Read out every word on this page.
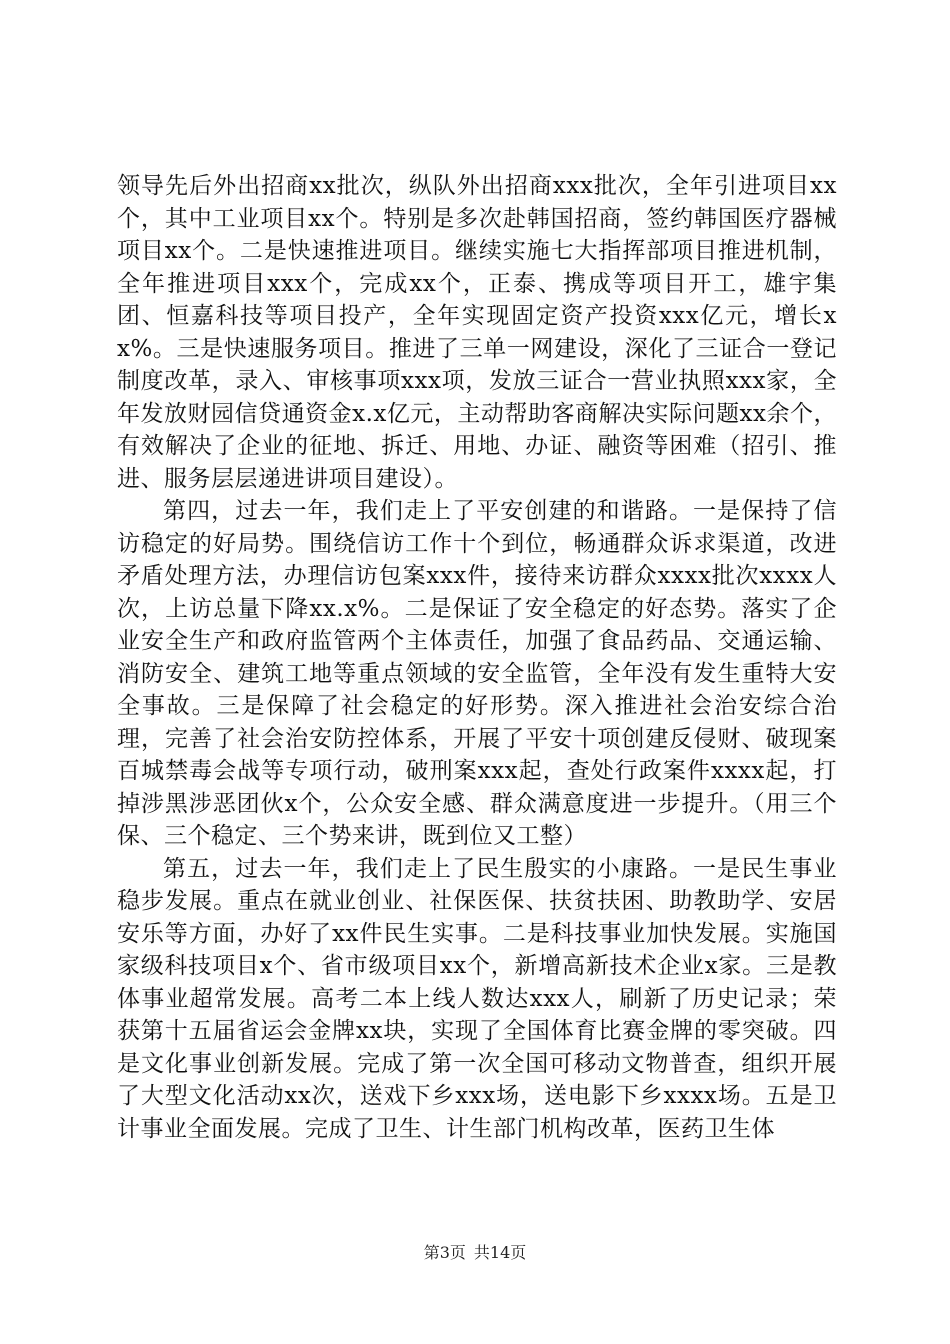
领导先后外出招商xx批次，纵队外出招商xxx批次，全年引进项目xx个，其中工业项目xx个。特别是多次赴韩国招商，签约韩国医疗器械项目xx个。二是快速推进项目。继续实施七大指挥部项目推进机制，全年推进项目xxx个，完成xx个，正泰、携成等项目开工，雄宇集团、恒嘉科技等项目投产，全年实现固定资产投资xxx亿元，增长xx%。三是快速服务项目。推进了三单一网建设，深化了三证合一登记制度改革，录入、审核事项xxx项，发放三证合一营业执照xxx家，全年发放财园信贷通资金x.x亿元，主动帮助客商解决实际问题xx余个，有效解决了企业的征地、拆迁、用地、办证、融资等困难（招引、推进、服务层层递进讲项目建设）。

第四，过去一年，我们走上了平安创建的和谐路。一是保持了信访稳定的好局势。围绕信访工作十个到位，畅通群众诉求渠道，改进矛盾处理方法，办理信访包案xxx件，接待来访群众xxxx批次xxxx人次，上访总量下降xx.x%。二是保证了安全稳定的好态势。落实了企业安全生产和政府监管两个主体责任，加强了食品药品、交通运输、消防安全、建筑工地等重点领域的安全监管，全年没有发生重特大安全事故。三是保障了社会稳定的好形势。深入推进社会治安综合治理，完善了社会治安防控体系，开展了平安十项创建反侵财、破现案百城禁毒会战等专项行动，破刑案xxx起，查处行政案件xxxx起，打掉涉黑涉恶团伙x个，公众安全感、群众满意度进一步提升。（用三个保、三个稳定、三个势来讲，既到位又工整）

第五，过去一年，我们走上了民生殷实的小康路。一是民生事业稳步发展。重点在就业创业、社保医保、扶贫扶困、助教助学、安居安乐等方面，办好了xx件民生实事。二是科技事业加快发展。实施国家级科技项目x个、省市级项目xx个，新增高新技术企业x家。三是教体事业超常发展。高考二本上线人数达xxx人，刷新了历史记录；荣获第十五届省运会金牌xx块，实现了全国体育比赛金牌的零突破。四是文化事业创新发展。完成了第一次全国可移动文物普查，组织开展了大型文化活动xx次，送戏下乡xxx场，送电影下乡xxxx场。五是卫计事业全面发展。完成了卫生、计生部门机构改革，医药卫生体

第3页 共14页
